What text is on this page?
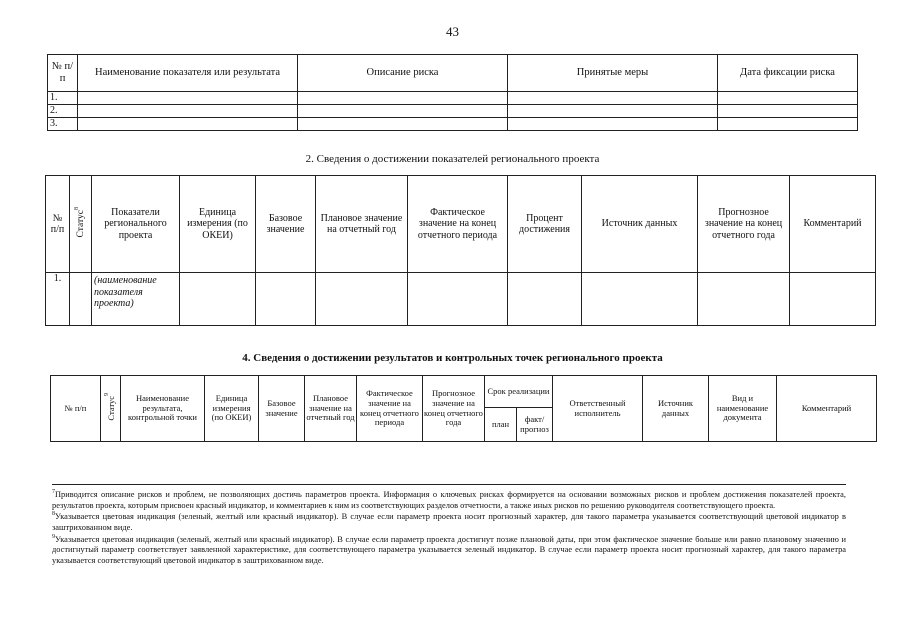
43
№ п/п	Наименование показателя или результата	Описание риска	Принятые меры	Дата фиксации риска
1.				
2.				
3.				
2. Сведения о достижении показателей регионального проекта
№ п/п	Статус$^8$	Показатели регионального проекта	Единица измерения (по ОКЕИ)	Базовое значение	Плановое значение на отчетный год	Фактическое значение на конец отчетного периода	Процент достижения	Источник данных	Прогнозное значение на конец отчетного года	Комментарий
1.		(наименование показателя проекта)								
4. Сведения о достижении результатов и контрольных точек регионального проекта
№ п/п	Статус$^9$	Наименование результата, контрольной точки	Единица измерения (по ОКЕИ)	Базовое значение	Плановое значение на отчетный год	Фактическое значение на конец отчетного периода	Прогнозное значение на конец отчетного года	Срок реализации		Ответственный исполнитель	Источник данных	Вид и наименование документа	Комментарий
								план	факт/ прогноз				

$^7$Приводится описание рисков и проблем, не позволяющих достичь параметров проекта. Информация о ключевых рисках формируется на основании возможных рисков и проблем достижения показателей проекта, результатов проекта, которым присвоен красный индикатор, и комментариев к ним из соответствующих разделов отчетности, а также иных рисков по решению руководителя соответствующего проекта.

$^8$Указывается цветовая индикация (зеленый, желтый или красный индикатор). В случае если параметр проекта носит прогнозный характер, для такого параметра указывается соответствующий цветовой индикатор в заштрихованном виде.

$^9$Указывается цветовая индикация (зеленый, желтый или красный индикатор). В случае если параметр проекта достигнут позже плановой даты, при этом фактическое значение больше или равно плановому значению и достигнутый параметр соответствует заявленной характеристике, для соответствующего параметра указывается зеленый индикатор. В случае если параметр проекта носит прогнозный характер, для такого параметра указывается соответствующий цветовой индикатор в заштрихованном виде.
